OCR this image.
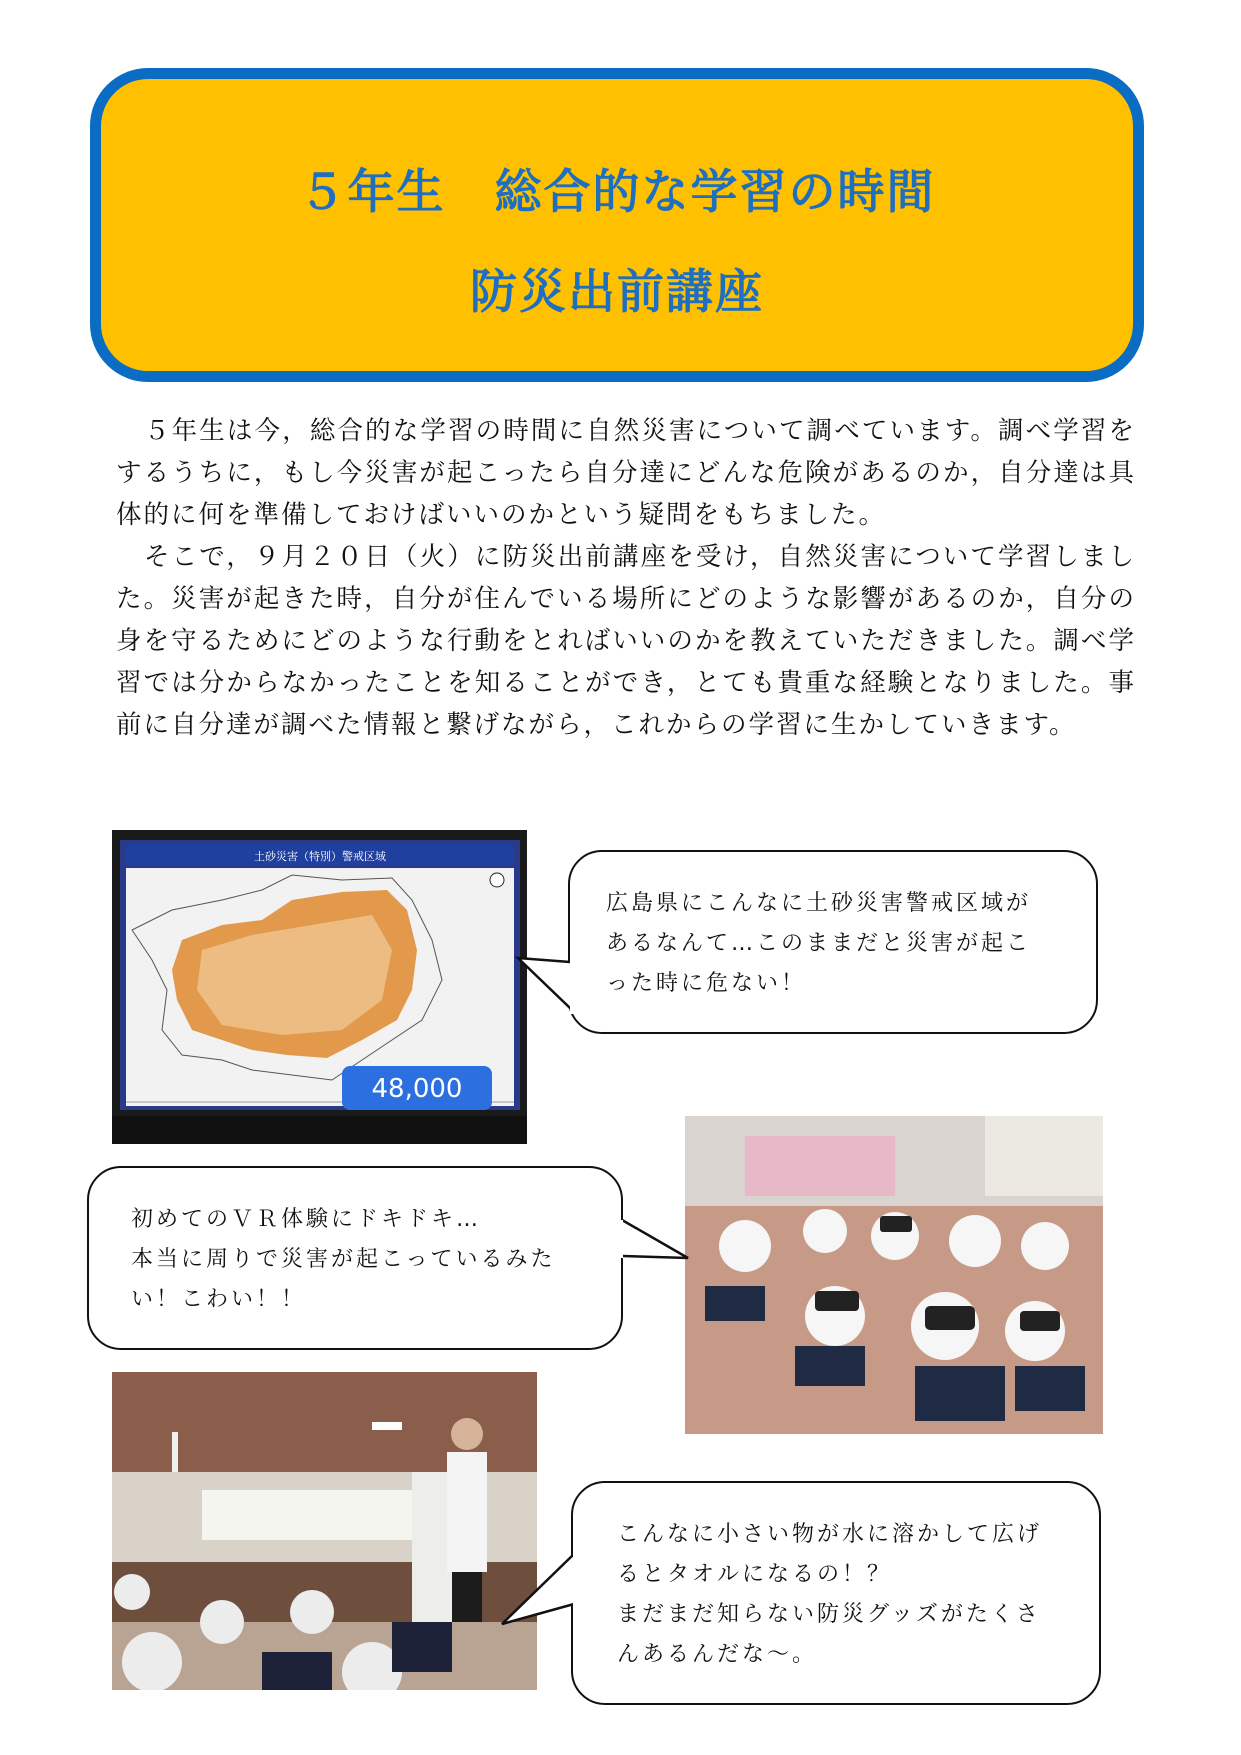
５年生　総合的な学習の時間
防災出前講座

５年生は今，総合的な学習の時間に自然災害について調べています。調べ学習をするうちに，もし今災害が起こったら自分達にどんな危険があるのか，自分達は具体的に何を準備しておけばいいのかという疑問をもちました。

そこで，９月２０日（火）に防災出前講座を受け，自然災害について学習しました。災害が起きた時，自分が住んでいる場所にどのような影響があるのか，自分の身を守るためにどのような行動をとればいいのかを教えていただきました。調べ学習では分からなかったことを知ることができ，とても貴重な経験となりました。事前に自分達が調べた情報と繋げながら，これからの学習に生かしていきます。

土砂災害（特別）警戒区域
48,000
広島県にこんなに土砂災害警戒区域が
あるなんて…このままだと災害が起こ
った時に危ない！
初めてのＶＲ体験にドキドキ…
本当に周りで災害が起こっているみた
い！こわい！！
こんなに小さい物が水に溶かして広げ
るとタオルになるの！？
まだまだ知らない防災グッズがたくさ
んあるんだな～。
